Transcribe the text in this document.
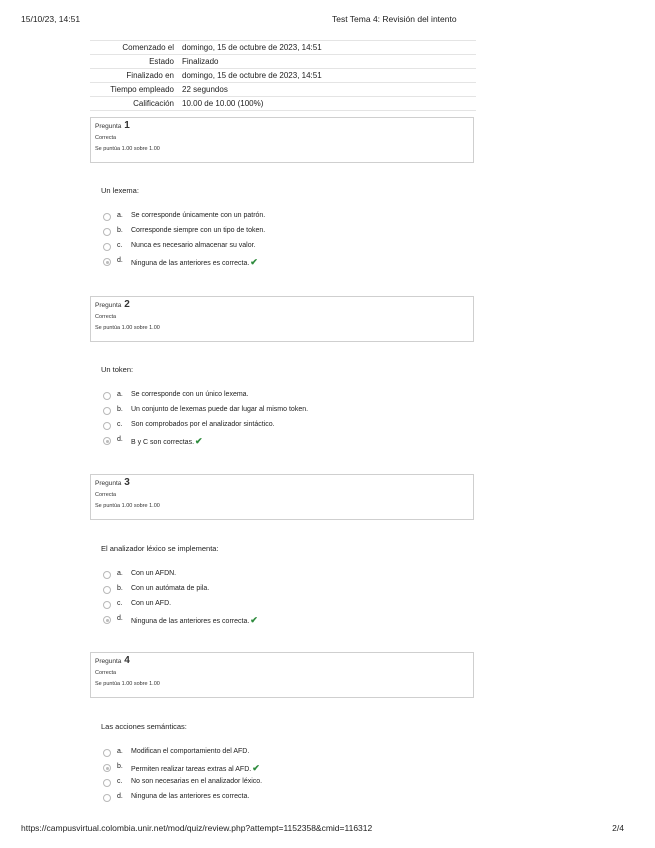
15/10/23, 14:51	Test Tema 4: Revisión del intento
Comenzado el	domingo, 15 de octubre de 2023, 14:51
Estado	Finalizado
Finalizado en	domingo, 15 de octubre de 2023, 14:51
Tiempo empleado	22 segundos
Calificación	10.00 de 10.00 (100%)
Pregunta 1
Correcta
Se puntúa 1.00 sobre 1.00
Un lexema:
a. Se corresponde únicamente con un patrón.
b. Corresponde siempre con un tipo de token.
c. Nunca es necesario almacenar su valor.
d. Ninguna de las anteriores es correcta.✔
Pregunta 2
Correcta
Se puntúa 1.00 sobre 1.00
Un token:
a. Se corresponde con un único lexema.
b. Un conjunto de lexemas puede dar lugar al mismo token.
c. Son comprobados por el analizador sintáctico.
d. B y C son correctas.✔
Pregunta 3
Correcta
Se puntúa 1.00 sobre 1.00
El analizador léxico se implementa:
a. Con un AFDN.
b. Con un autómata de pila.
c. Con un AFD.
d. Ninguna de las anteriores es correcta.✔
Pregunta 4
Correcta
Se puntúa 1.00 sobre 1.00
Las acciones semánticas:
a. Modifican el comportamiento del AFD.
b. Permiten realizar tareas extras al AFD.✔
c. No son necesarias en el analizador léxico.
d. Ninguna de las anteriores es correcta.
https://campusvirtual.colombia.unir.net/mod/quiz/review.php?attempt=1152358&cmid=116312	2/4
